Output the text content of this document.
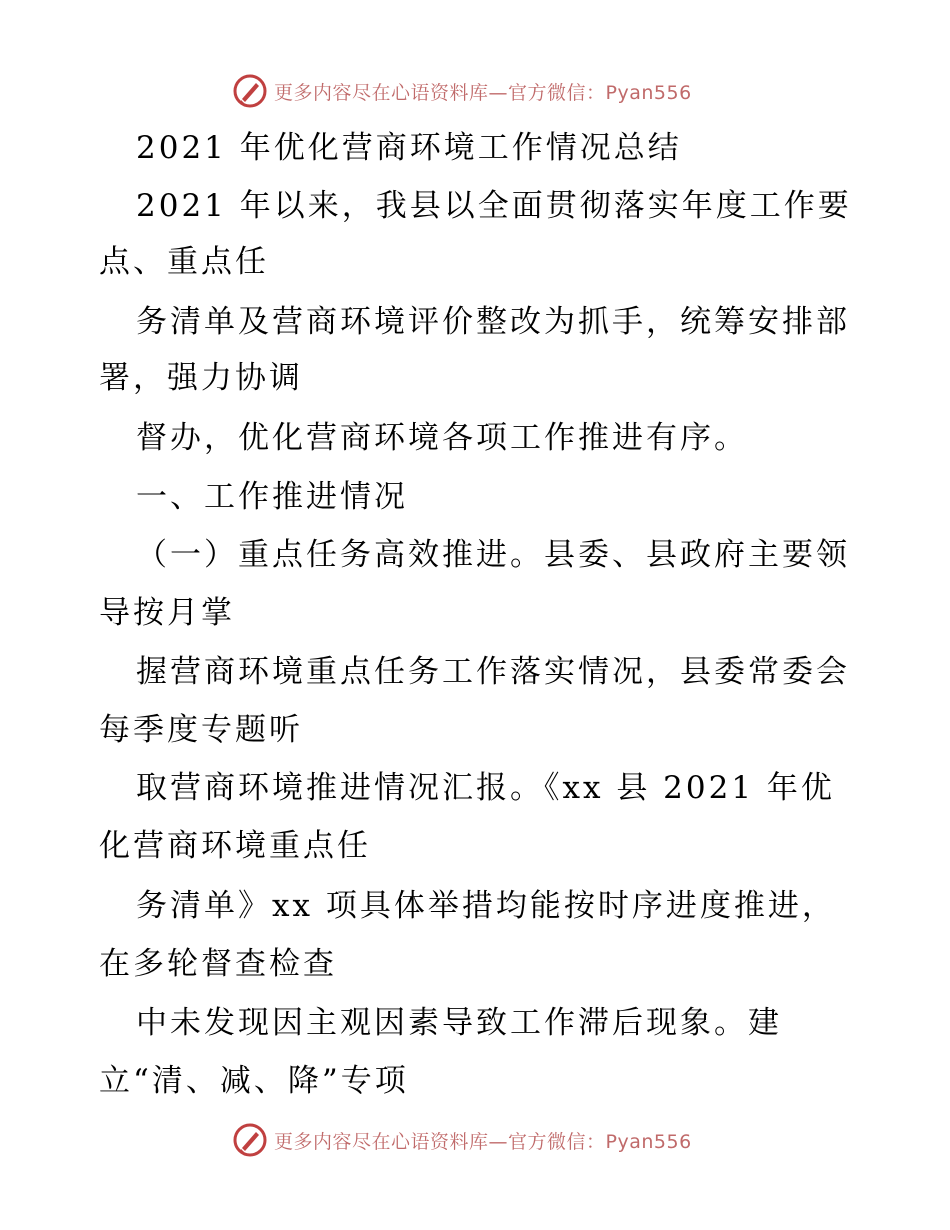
更多内容尽在心语资料库—官方微信：Pyan556
2021 年优化营商环境工作情况总结
2021 年以来，我县以全面贯彻落实年度工作要
点、重点任
务清单及营商环境评价整改为抓手，统筹安排部
署，强力协调
督办，优化营商环境各项工作推进有序。
一、工作推进情况
（一）重点任务高效推进。县委、县政府主要领
导按月掌
握营商环境重点任务工作落实情况，县委常委会
每季度专题听
取营商环境推进情况汇报。《xx 县 2021 年优
化营商环境重点任
务清单》xx 项具体举措均能按时序进度推进，
在多轮督查检查
中未发现因主观因素导致工作滞后现象。建
立“清、减、降”专项
更多内容尽在心语资料库—官方微信：Pyan556
